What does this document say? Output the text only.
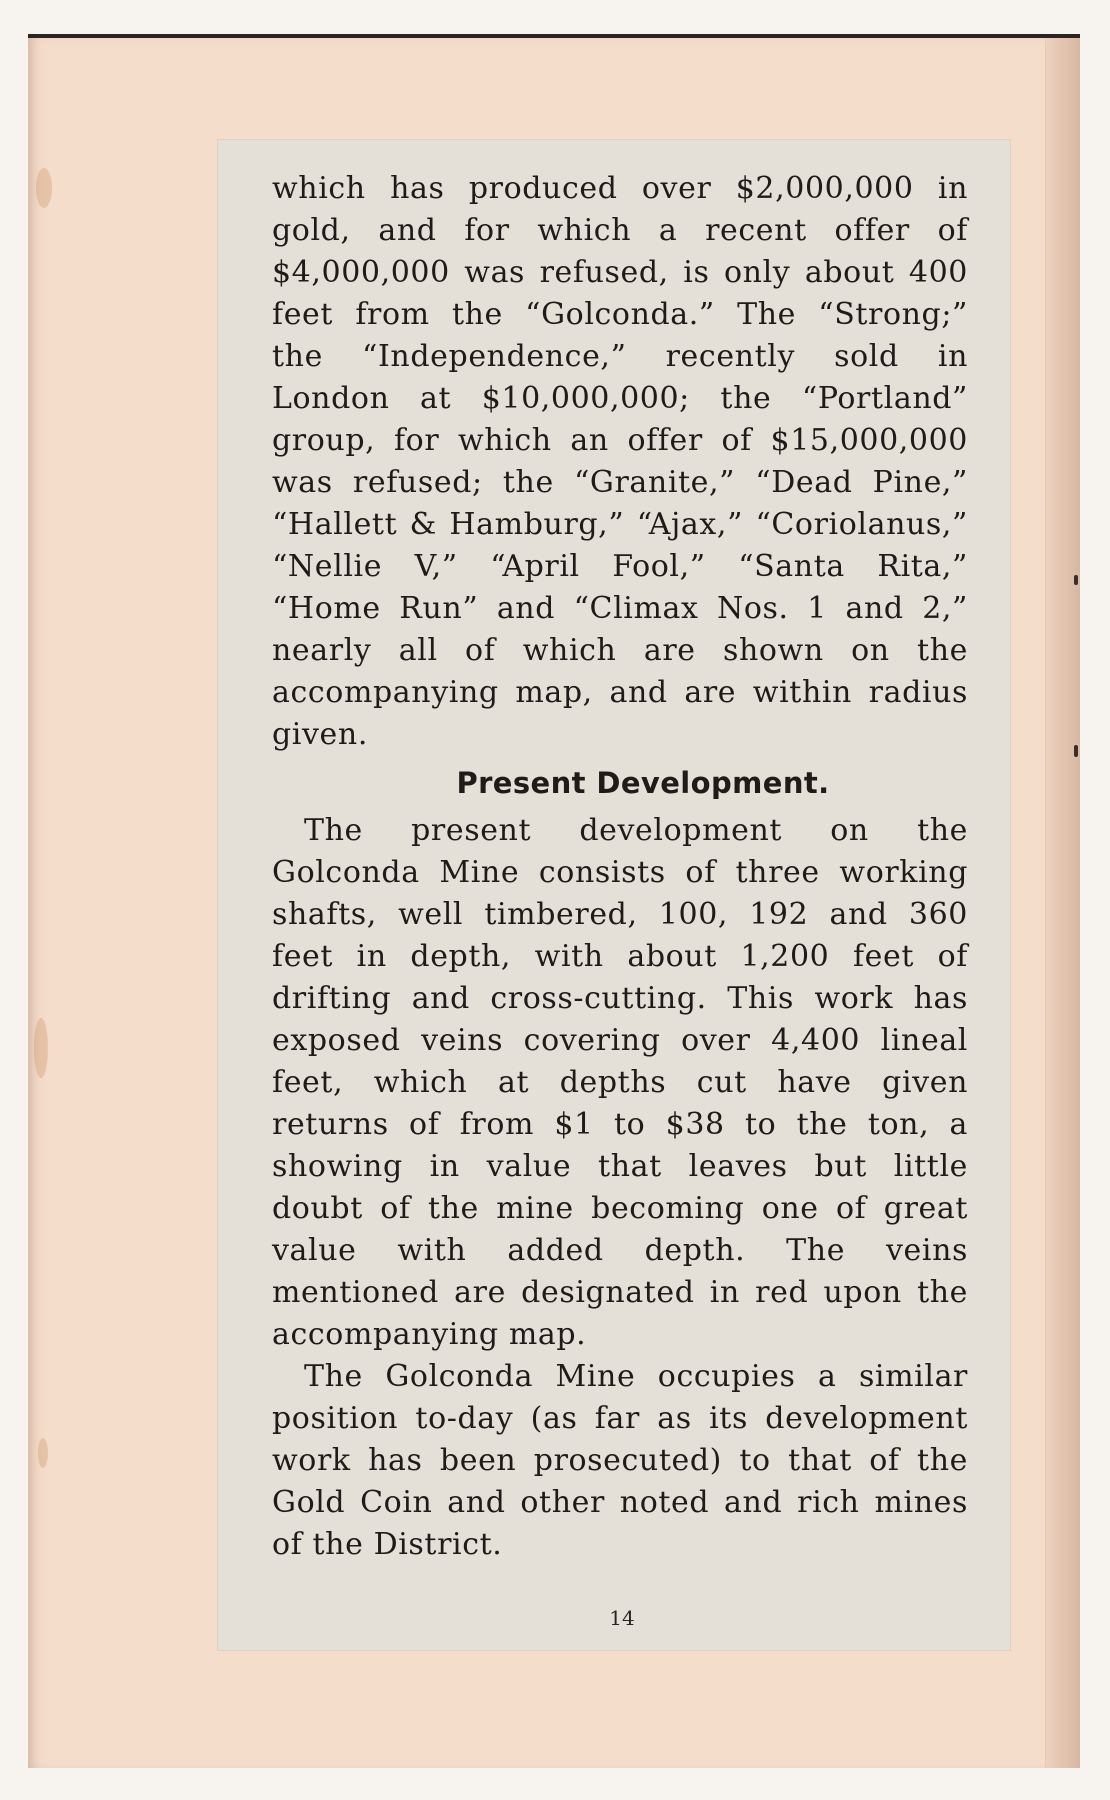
which has produced over $2,000,000 in gold, and for which a recent offer of $4,000,000 was refused, is only about 400 feet from the “Golconda.” The “Strong;” the “Independence,” recently sold in London at $10,000,000; the “Portland” group, for which an offer of $15,000,000 was refused; the “Granite,” “Dead Pine,” “Hallett & Hamburg,” “Ajax,” “Coriolanus,” “Nellie V,” “April Fool,” “Santa Rita,” “Home Run” and “Climax Nos. 1 and 2,” nearly all of which are shown on the accompanying map, and are within radius given.

Present Development.

The present development on the Golconda Mine consists of three working shafts, well timbered, 100, 192 and 360 feet in depth, with about 1,200 feet of drifting and cross-cutting. This work has exposed veins covering over 4,400 lineal feet, which at depths cut have given returns of from $1 to $38 to the ton, a showing in value that leaves but little doubt of the mine becoming one of great value with added depth. The veins mentioned are designated in red upon the accompanying map.

The Golconda Mine occupies a similar position to-day (as far as its development work has been prosecuted) to that of the Gold Coin and other noted and rich mines of the District.

14
